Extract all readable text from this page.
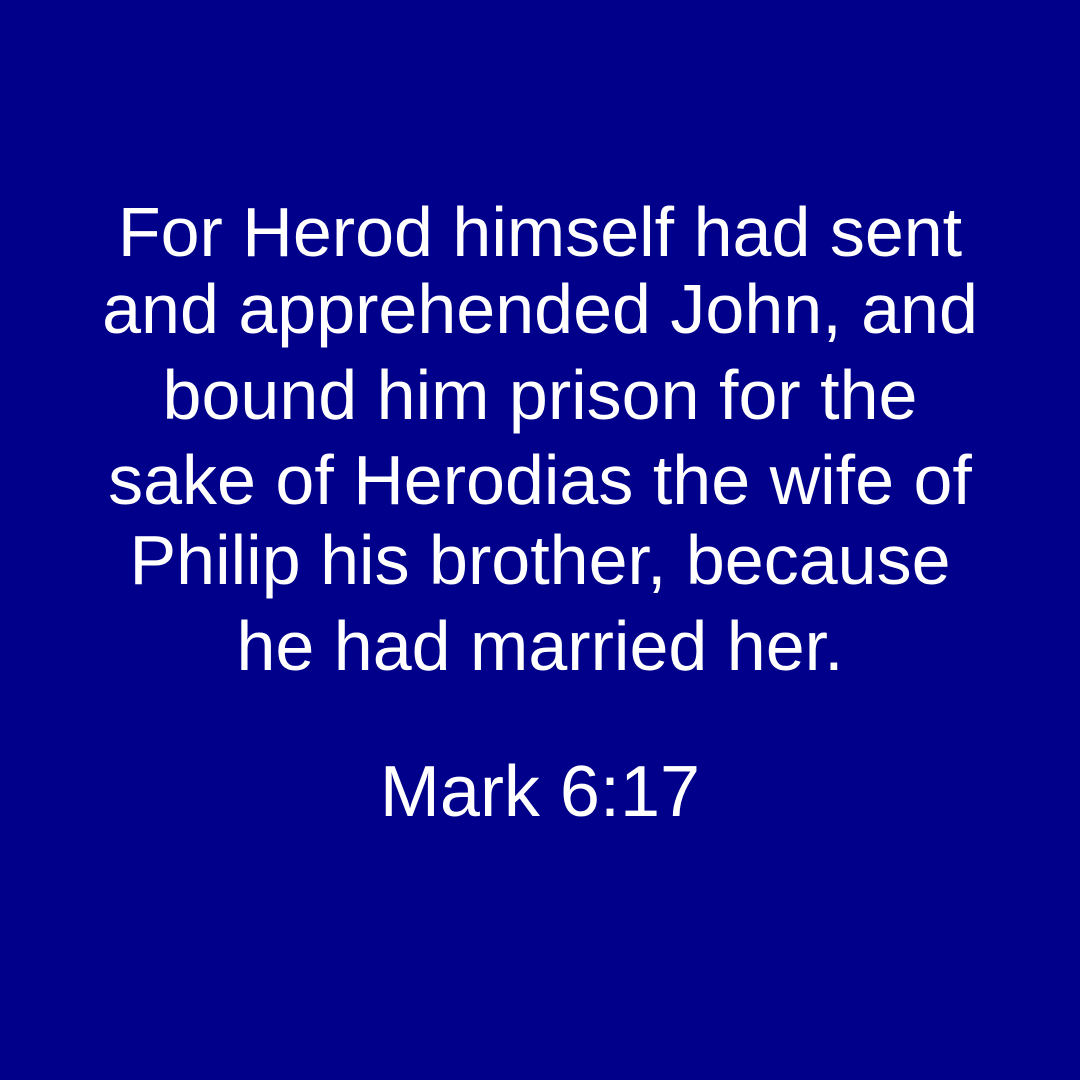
For Herod himself had sent
and apprehended John, and
bound him prison for the
sake of Herodias the wife of
Philip his brother, because
he had married her.
Mark 6:17
